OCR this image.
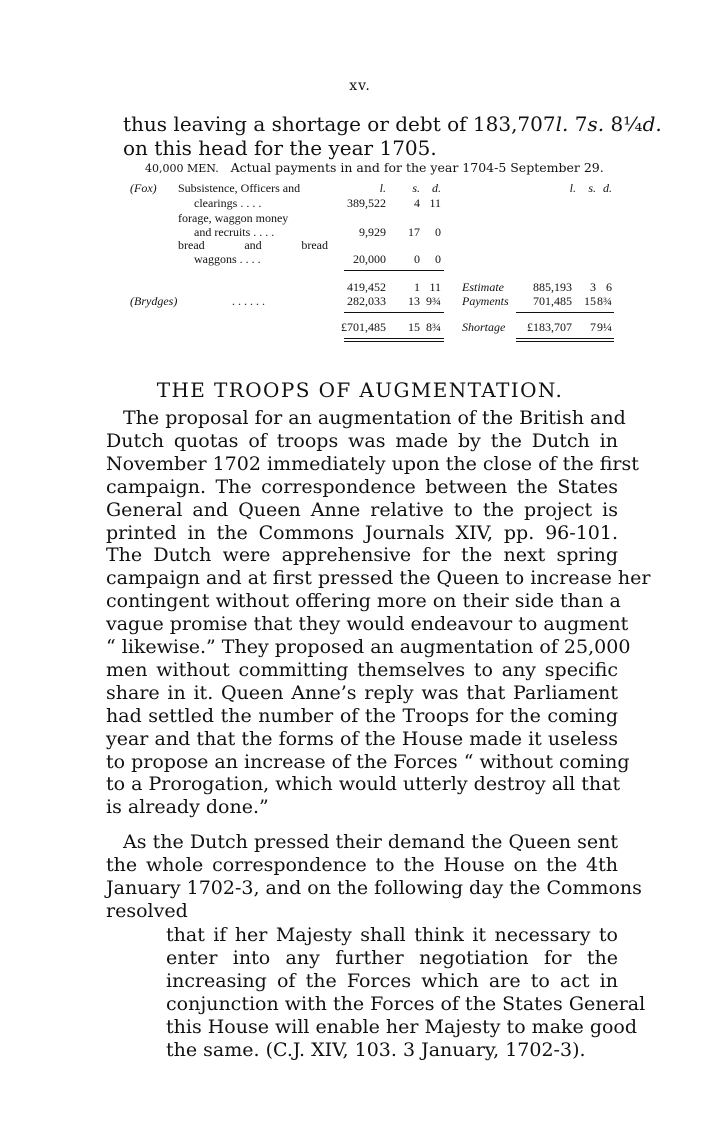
xv.
thus leaving a shortage or debt of 183,707l. 7s. 8¼d.
on this head for the year 1705.
40,000 MEN. Actual payments in and for the year 1704-5 September 29.
l.	s.	d.	l.	s. d.
(Fox) Subsistence, Officers and
clearings . . . .	389,522	4 11
forage, waggon money
and recruits . . . .	9,929	17	0
bread and bread
waggons . . . .	20,000	0	0
419,452	1 11 Estimate	885,193	3 6
(Brydges)	. . . . . .	282,033	13 9¾ Payments	701,485	15 8¾
£701,485	15 8¾ Shortage	£183,707	7 9¼
THE TROOPS OF AUGMENTATION.
The proposal for an augmentation of the British and
Dutch quotas of troops was made by the Dutch in
November 1702 immediately upon the close of the first
campaign. The correspondence between the States
General and Queen Anne relative to the project is
printed in the Commons Journals XIV, pp. 96-101.
The Dutch were apprehensive for the next spring
campaign and at first pressed the Queen to increase her
contingent without offering more on their side than a
vague promise that they would endeavour to augment
“ likewise.” They proposed an augmentation of 25,000
men without committing themselves to any specific
share in it. Queen Anne’s reply was that Parliament
had settled the number of the Troops for the coming
year and that the forms of the House made it useless
to propose an increase of the Forces “ without coming
to a Prorogation, which would utterly destroy all that
is already done.”
As the Dutch pressed their demand the Queen sent
the whole correspondence to the House on the 4th
January 1702-3, and on the following day the Commons
resolved
that if her Majesty shall think it necessary to
enter into any further negotiation for the
increasing of the Forces which are to act in
conjunction with the Forces of the States General
this House will enable her Majesty to make good
the same. (C.J. XIV, 103. 3 January, 1702-3).
